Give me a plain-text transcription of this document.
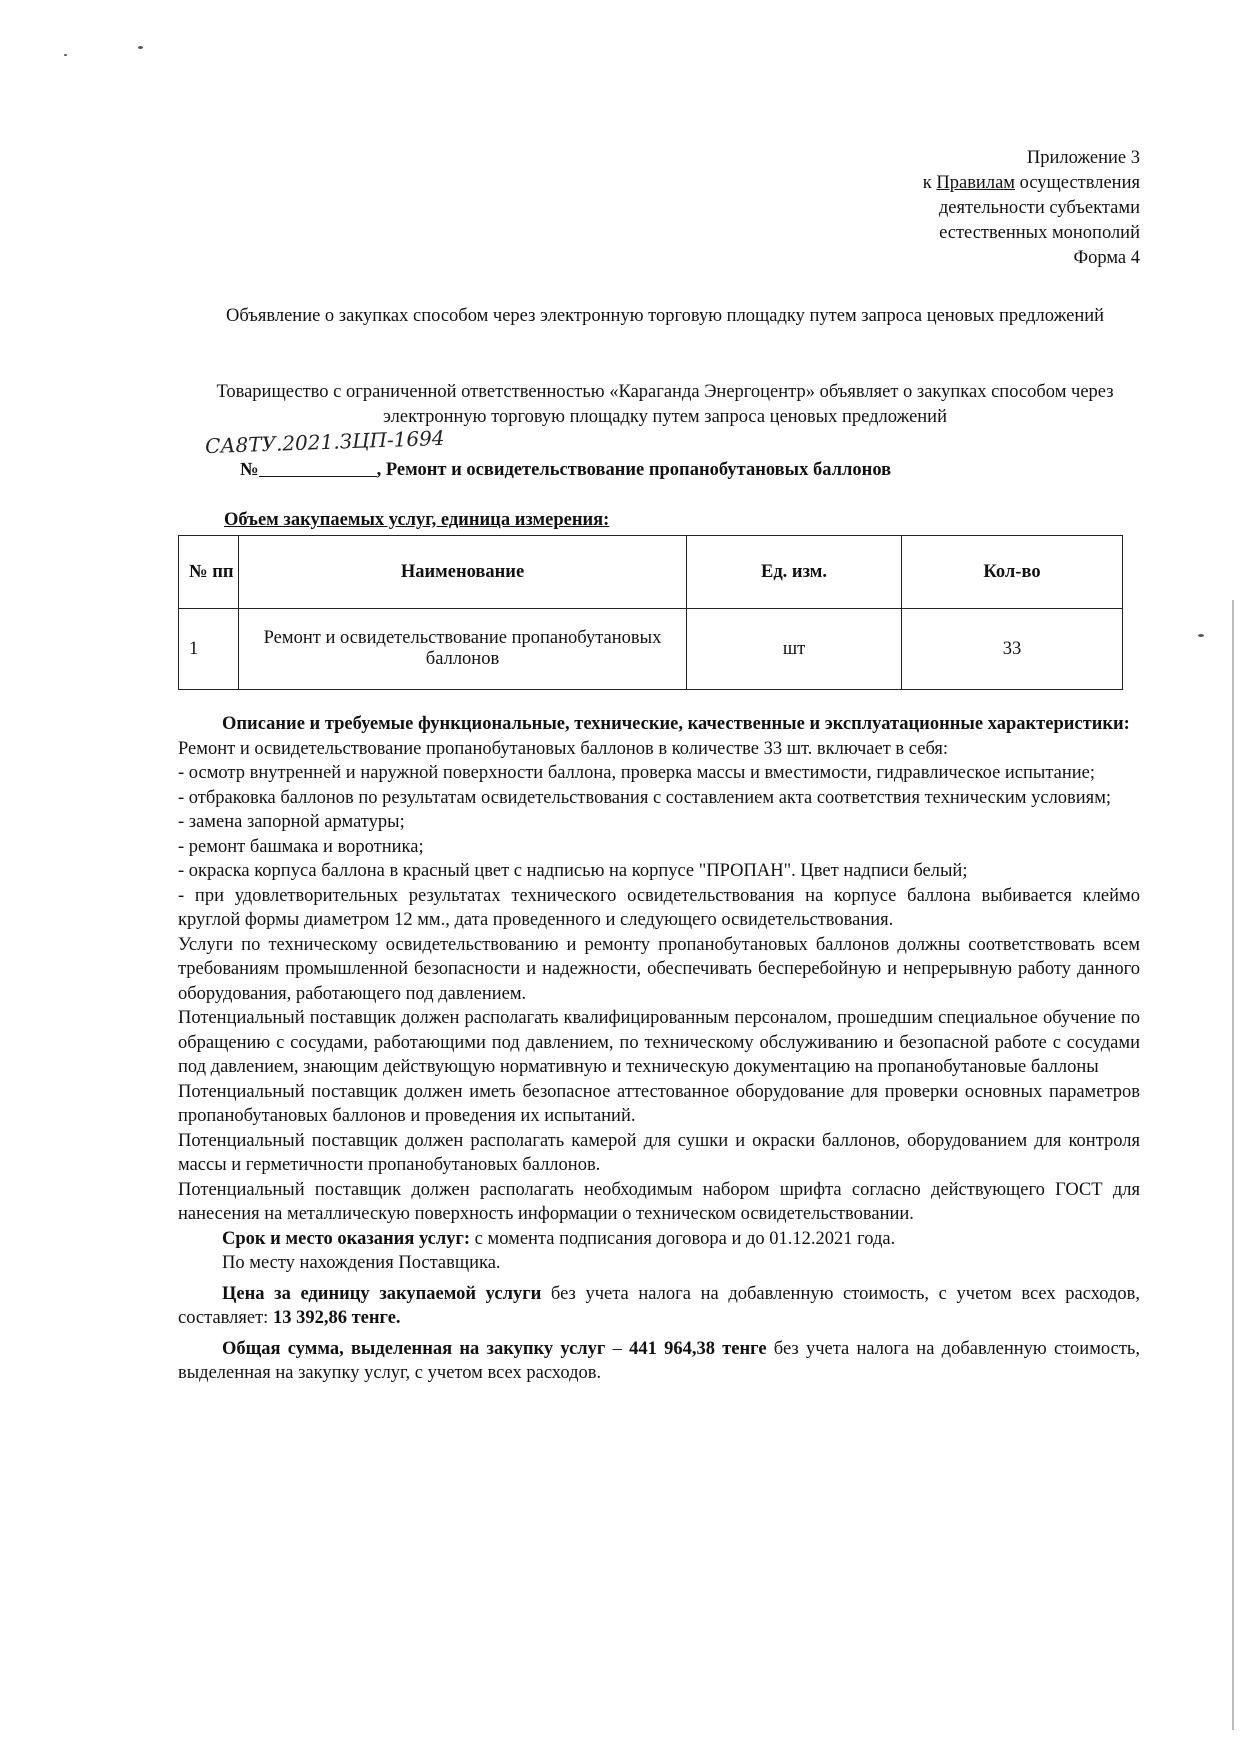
Приложение 3
к Правилам осуществления
деятельности субъектами
естественных монополий
Форма 4
Объявление о закупках способом через электронную торговую площадку путем запроса ценовых предложений
Товарищество с ограниченной ответственностью «Караганда Энергоцентр» объявляет о закупках способом через электронную торговую площадку путем запроса ценовых предложений
СА8ТУ.2021.ЗЦП-1694
№	, Ремонт и освидетельствование пропанобутановых баллонов
Объем закупаемых услуг, единица измерения:
№ пп	Наименование	Ед. изм.	Кол-во
1	Ремонт и освидетельствование пропанобутановых баллонов	шт	33

Описание и требуемые функциональные, технические, качественные и эксплуатационные характеристики:

Ремонт и освидетельствование пропанобутановых баллонов в количестве 33 шт. включает в себя:

- осмотр внутренней и наружной поверхности баллона, проверка массы и вместимости, гидравлическое испытание;

- отбраковка баллонов по результатам освидетельствования с составлением акта соответствия техническим условиям;

- замена запорной арматуры;

- ремонт башмака и воротника;

- окраска корпуса баллона в красный цвет с надписью на корпусе "ПРОПАН". Цвет надписи белый;

- при удовлетворительных результатах технического освидетельствования на корпусе баллона выбивается клеймо круглой формы диаметром 12 мм., дата проведенного и следующего освидетельствования.

Услуги по техническому освидетельствованию и ремонту пропанобутановых баллонов должны соответствовать всем требованиям промышленной безопасности и надежности, обеспечивать бесперебойную и непрерывную работу данного оборудования, работающего под давлением.

Потенциальный поставщик должен располагать квалифицированным персоналом, прошедшим специальное обучение по обращению с сосудами, работающими под давлением, по техническому обслуживанию и безопасной работе с сосудами под давлением, знающим действующую нормативную и техническую документацию на пропанобутановые баллоны

Потенциальный поставщик должен иметь безопасное аттестованное оборудование для проверки основных параметров пропанобутановых баллонов и проведения их испытаний.

Потенциальный поставщик должен располагать камерой для сушки и окраски баллонов, оборудованием для контроля массы и герметичности пропанобутановых баллонов.

Потенциальный поставщик должен располагать необходимым набором шрифта согласно действующего ГОСТ для нанесения на металлическую поверхность информации о техническом освидетельствовании.

Срок и место оказания услуг: с момента подписания договора и до 01.12.2021 года.

По месту нахождения Поставщика.

Цена за единицу закупаемой услуги без учета налога на добавленную стоимость, с учетом всех расходов, составляет: 13 392,86 тенге.

Общая сумма, выделенная на закупку услуг – 441 964,38 тенге без учета налога на добавленную стоимость, выделенная на закупку услуг, с учетом всех расходов.
